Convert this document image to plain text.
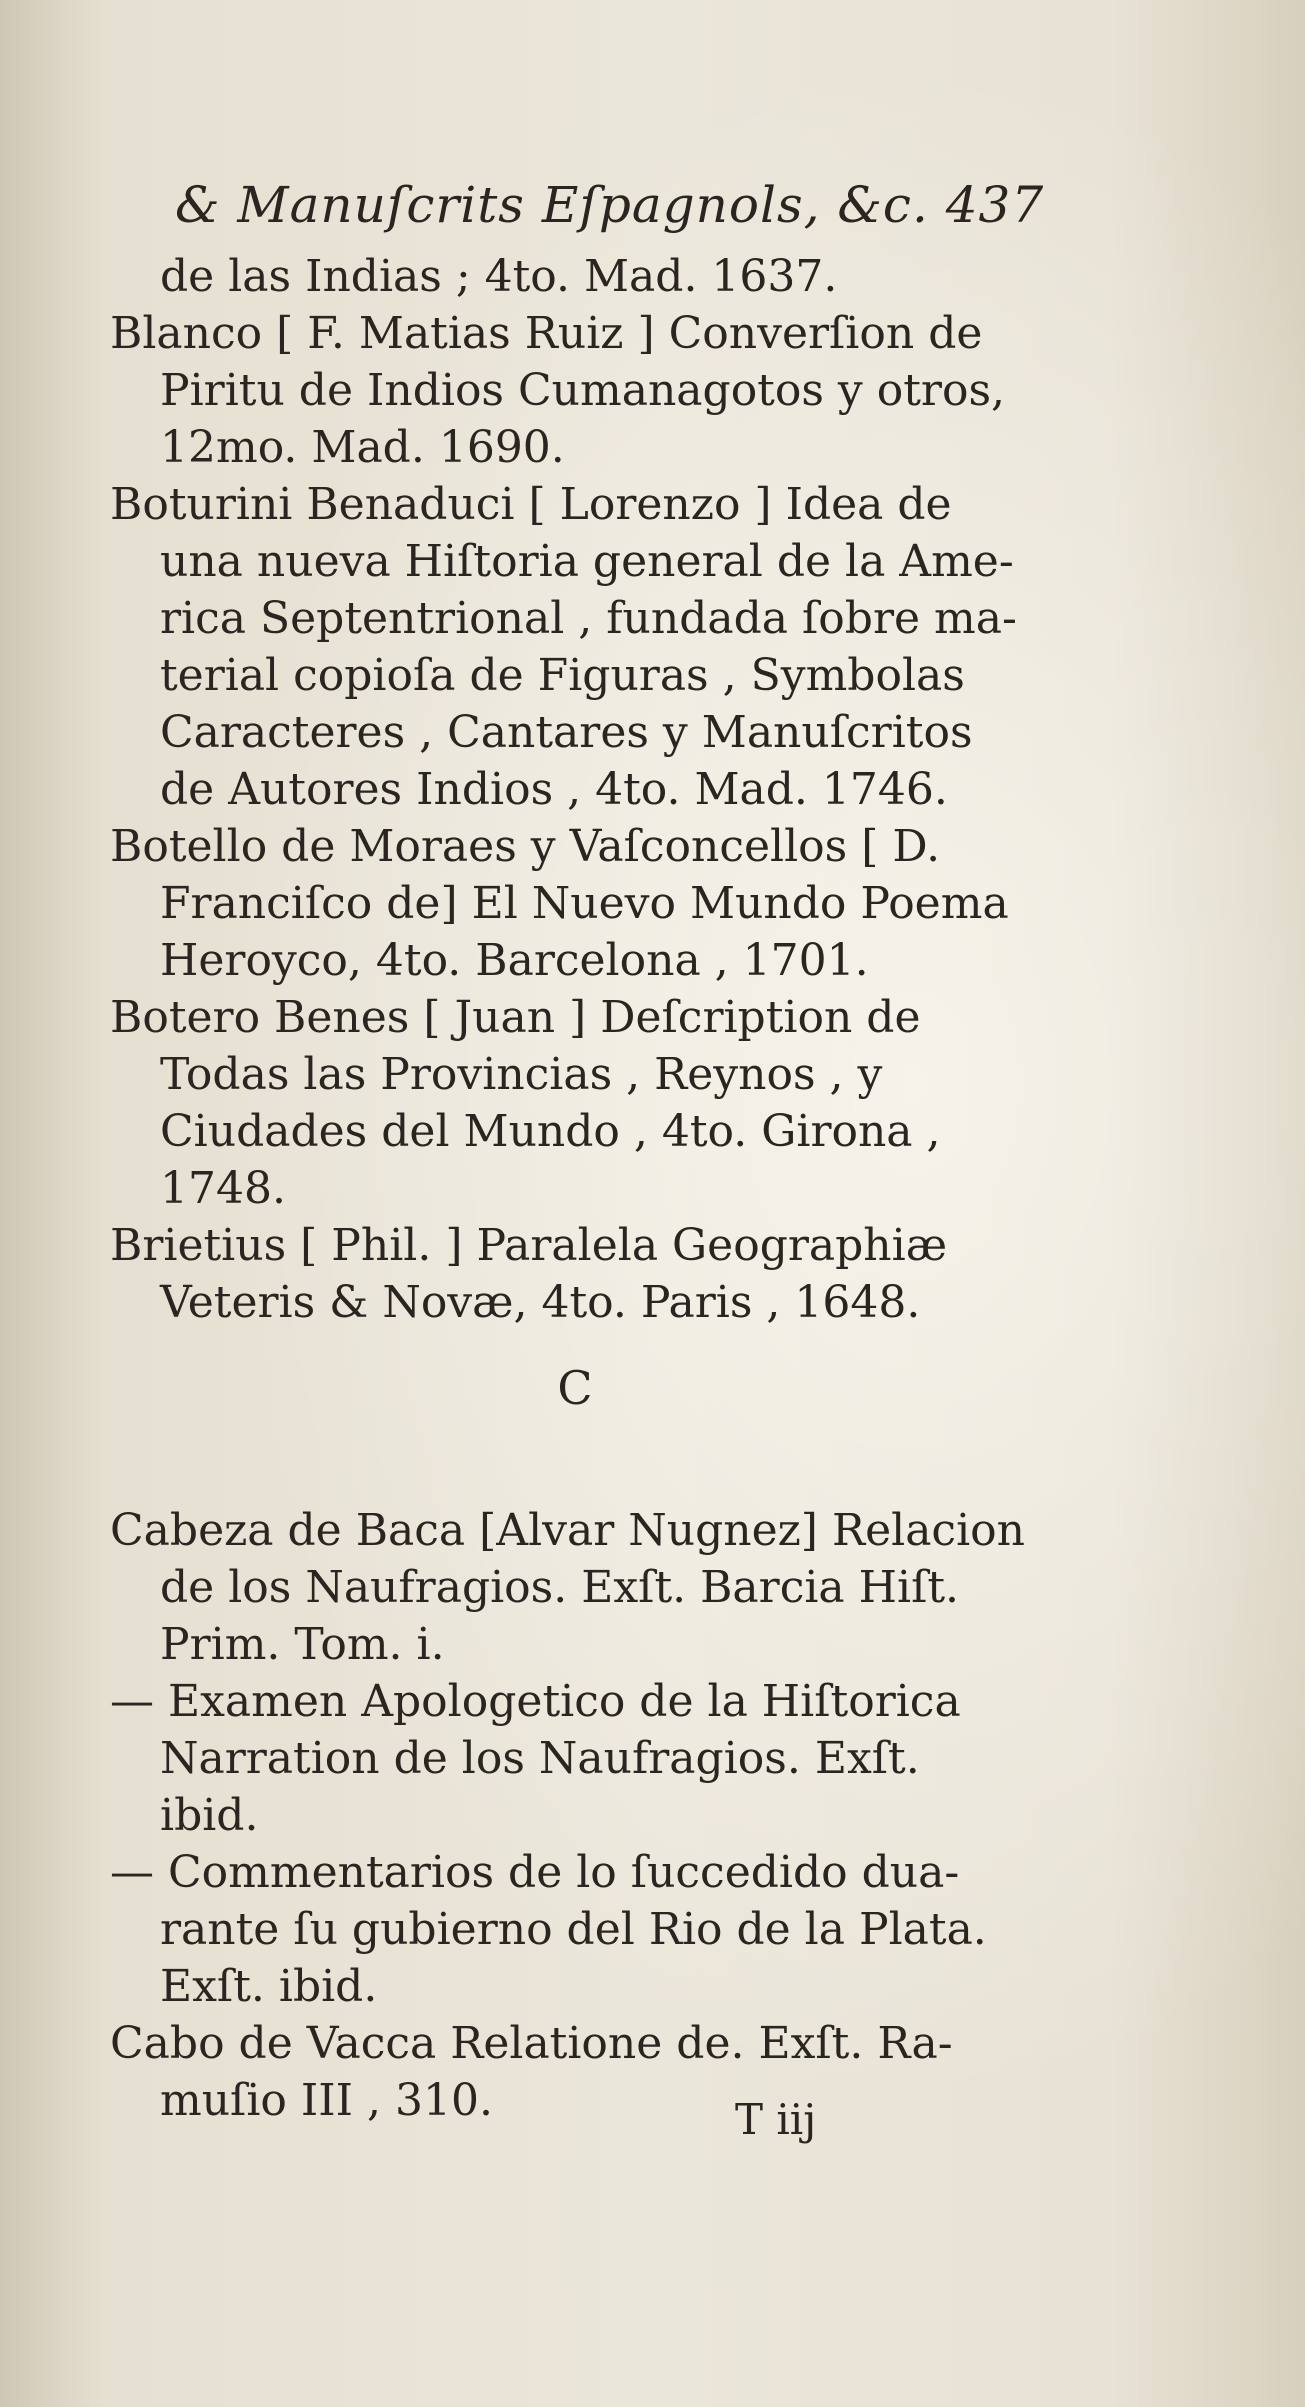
& Manuſcrits Eſpagnols, &c. 437
de las Indias ; 4to. Mad. 1637.
Blanco [ F. Matias Ruiz ] Converſion de
Piritu de Indios Cumanagotos y otros,
12mo. Mad. 1690.
Boturini Benaduci [ Lorenzo ] Idea de
una nueva Hiſtoria general de la Ame-
rica Septentrional , fundada ſobre ma-
terial copioſa de Figuras , Symbolas
Caracteres , Cantares y Manuſcritos
de Autores Indios , 4to. Mad. 1746.
Botello de Moraes y Vaſconcellos [ D.
Franciſco de] El Nuevo Mundo Poema
Heroyco, 4to. Barcelona , 1701.
Botero Benes [ Juan ] Deſcription de
Todas las Provincias , Reynos , y
Ciudades del Mundo , 4to. Girona ,
1748.
Brietius [ Phil. ] Paralela Geographiæ
Veteris & Novæ, 4to. Paris , 1648.
C
Cabeza de Baca [Alvar Nugnez] Relacion
de los Naufragios. Exſt. Barcia Hiſt.
Prim. Tom. i.
— Examen Apologetico de la Hiſtorica
Narration de los Naufragios. Exſt.
ibid.
— Commentarios de lo ſuccedido dua-
rante ſu gubierno del Rio de la Plata.
Exſt. ibid.
Cabo de Vacca Relatione de. Exſt. Ra-
muſio III , 310.	T iij
